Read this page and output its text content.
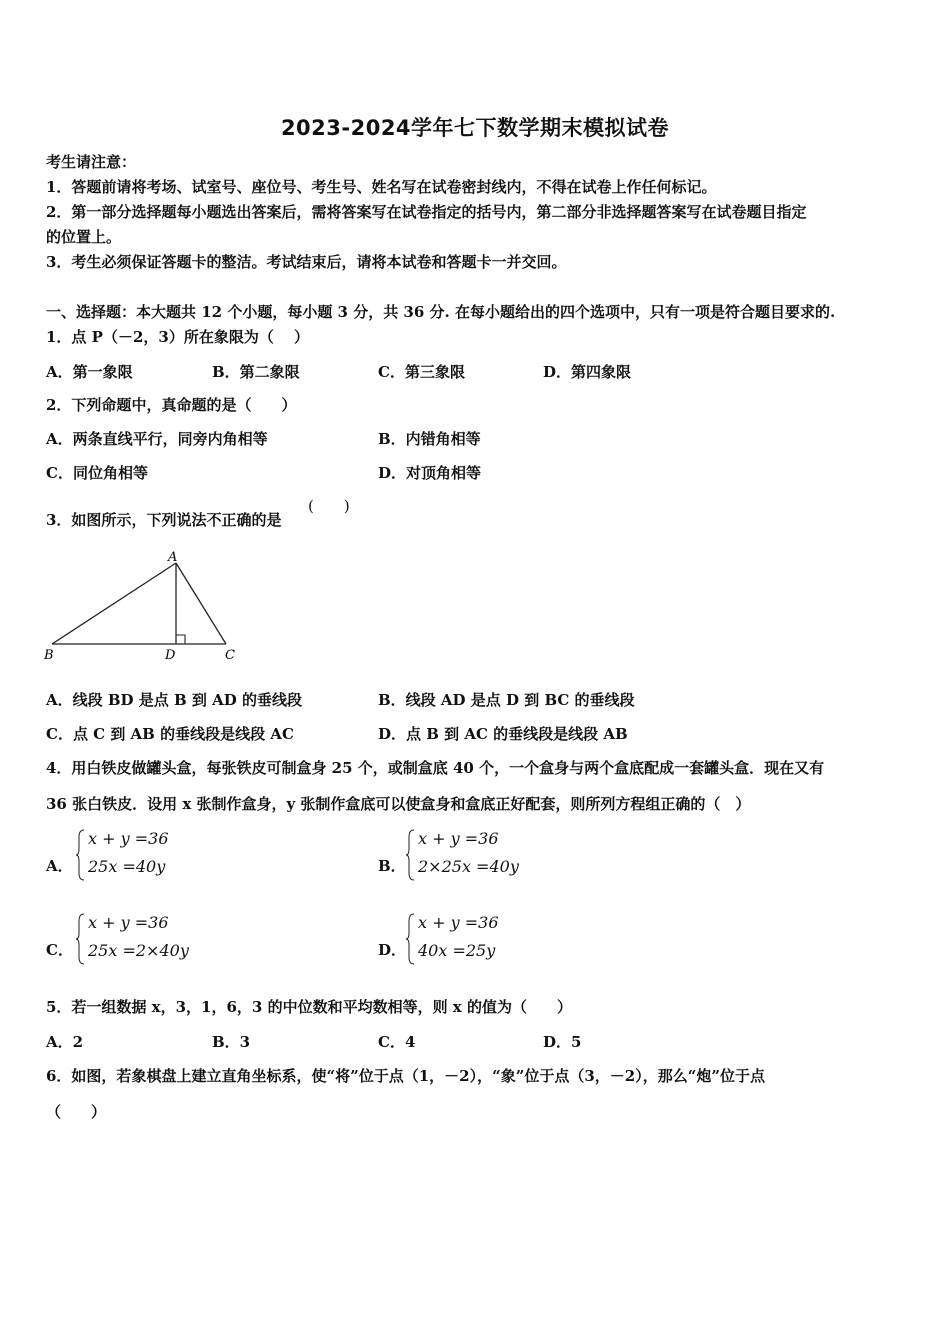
2023-2024学年七下数学期末模拟试卷
考生请注意：
1．答题前请将考场、试室号、座位号、考生号、姓名写在试卷密封线内，不得在试卷上作任何标记。
2．第一部分选择题每小题选出答案后，需将答案写在试卷指定的括号内，第二部分非选择题答案写在试卷题目指定
的位置上。
3．考生必须保证答题卡的整洁。考试结束后，请将本试卷和答题卡一并交回。
一、选择题：本大题共 12 个小题，每小题 3 分，共 36 分. 在每小题给出的四个选项中，只有一项是符合题目要求的.
1．点 P（－2，3）所在象限为（　 ）
A．第一象限	B．第二象限	C．第三象限	D．第四象限
2．下列命题中，真命题的是（　　）
A．两条直线平行，同旁内角相等	B．内错角相等
C．同位角相等	D．对顶角相等
3．如图所示，下列说法不正确的是
(　　)
A
B	D	C
A．线段 BD 是点 B 到 AD 的垂线段	B．线段 AD 是点 D 到 BC 的垂线段
C．点 C 到 AB 的垂线段是线段 AC	D．点 B 到 AC 的垂线段是线段 AB
4．用白铁皮做罐头盒，每张铁皮可制盒身 25 个，或制盒底 40 个，一个盒身与两个盒底配成一套罐头盒．现在又有
36 张白铁皮．设用 x 张制作盒身，y 张制作盒底可以使盒身和盒底正好配套，则所列方程组正确的（　）
A．
x + y =36
25x =40y	B．
x + y =36
2×25x =40y
C．
x + y =36
25x =2×40y	D．
x + y =36
40x =25y
5．若一组数据 x，3，1，6，3 的中位数和平均数相等，则 x 的值为（　　）
A．2	B．3	C．4	D．5
6．如图，若象棋盘上建立直角坐标系，使“将”位于点（1，－2），“象”位于点（3，－2），那么“炮”位于点
（　　）
